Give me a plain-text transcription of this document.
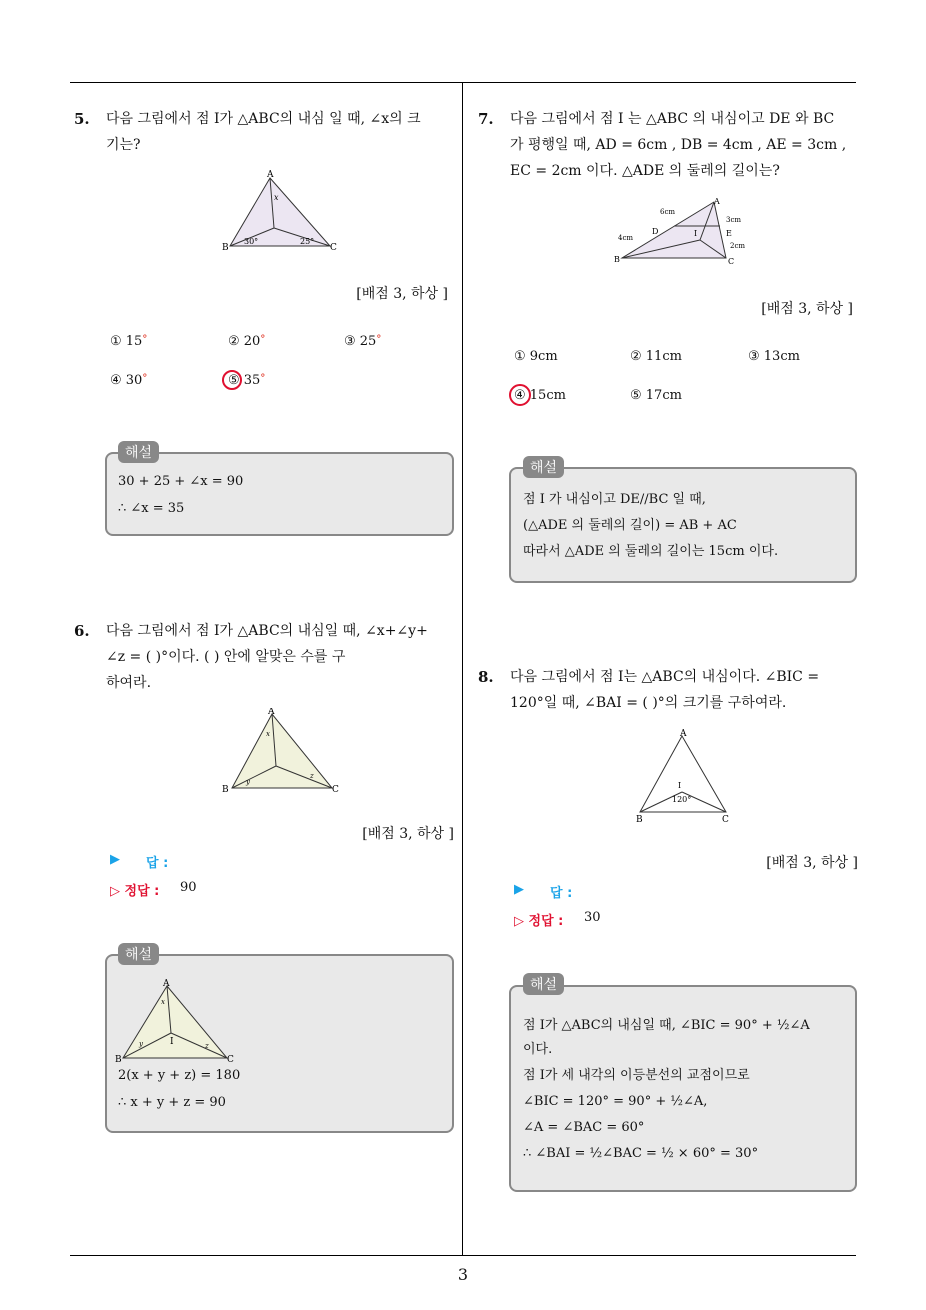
3
5. 다음 그림에서 점 I가 △ABC의 내심 일 때, ∠x의 크
기는?
A
B	C
x
30°	25°
[배점 3, 하상 ]
① 15°	② 20°	③ 25°
④ 30°	⑤ 35°
해설
30 + 25 + ∠x = 90
∴ ∠x = 35
6. 다음 그림에서 점 I가 △ABC의 내심일 때, ∠x+∠y+
∠z = ( )°이다. ( ) 안에 알맞은 수를 구
하여라.
A
B	C
x
y
z
[배점 3, 하상 ]
▶ 답 :
▷ 정답 : 90
해설
A
B	C
I
x
y	z
2(x + y + z) = 180
∴ x + y + z = 90
7. 다음 그림에서 점 I 는 △ABC 의 내심이고 DE 와 BC
가 평행일 때, AD = 6cm , DB = 4cm , AE = 3cm ,
EC = 2cm 이다. △ADE 의 둘레의 길이는?
A
B	C
D	E
I
6cm
4cm
3cm
2cm
[배점 3, 하상 ]
① 9cm	② 11cm	③ 13cm
④ 15cm	⑤ 17cm
해설
점 I 가 내심이고 DE//BC 일 때,
(△ADE 의 둘레의 길이) = AB + AC
따라서 △ADE 의 둘레의 길이는 15cm 이다.
8. 다음 그림에서 점 I는 △ABC의 내심이다. ∠BIC =
120°일 때, ∠BAI = ( )°의 크기를 구하여라.
A
B	C
I
120°
[배점 3, 하상 ]
▶ 답 :
▷ 정답 : 30
해설
점 I가 △ABC의 내심일 때, ∠BIC = 90° + ½∠A
이다.
점 I가 세 내각의 이등분선의 교점이므로
∠BIC = 120° = 90° + ½∠A,
∠A = ∠BAC = 60°
∴ ∠BAI = ½∠BAC = ½ × 60° = 30°
